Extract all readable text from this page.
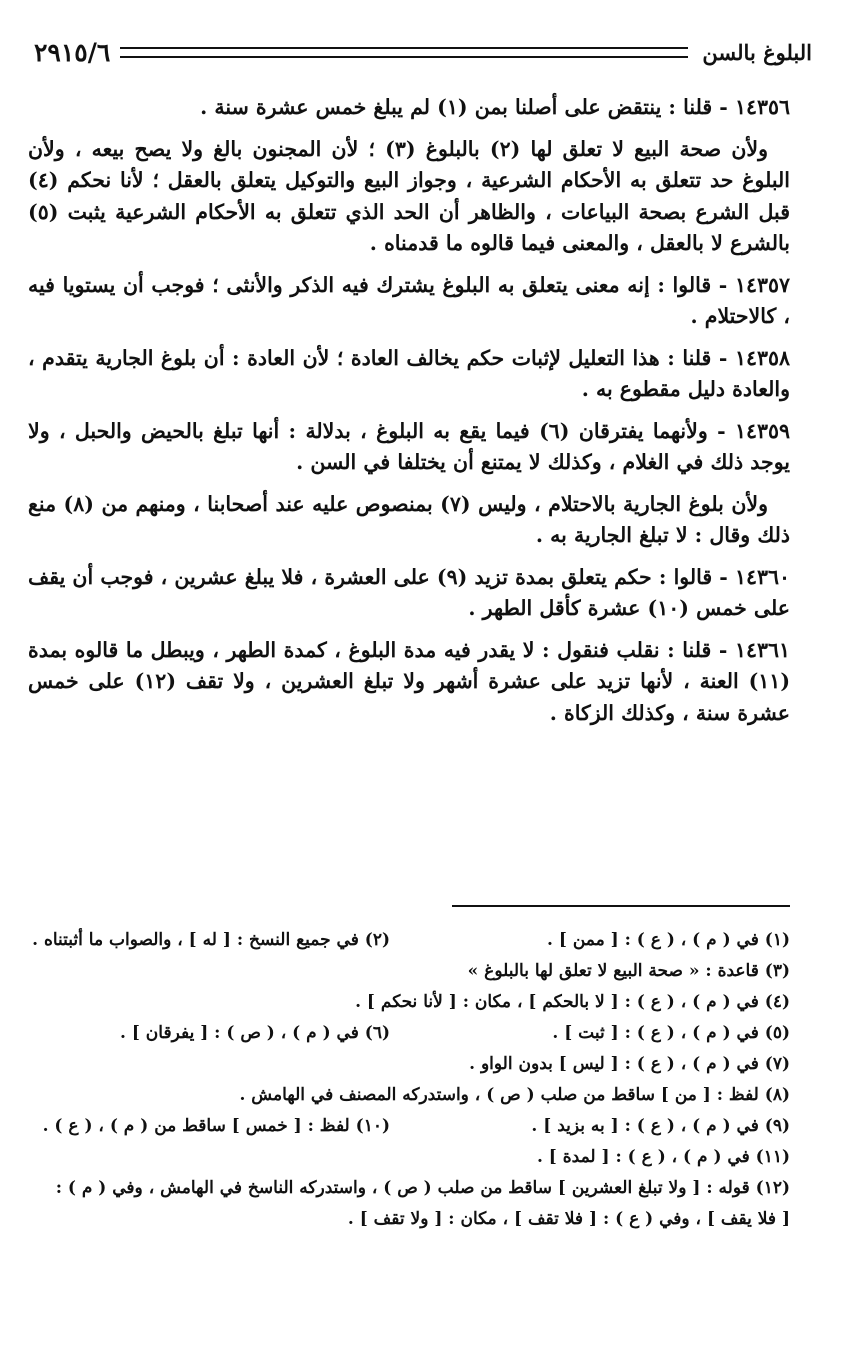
البلوغ بالسن
٢٩١٥/٦

١٤٣٥٦ - قلنا : ينتقض على أصلنا بمن (١) لم يبلغ خمس عشرة سنة .

ولأن صحة البيع لا تعلق لها (٢) بالبلوغ (٣) ؛ لأن المجنون بالغ ولا يصح بيعه ، ولأن البلوغ حد تتعلق به الأحكام الشرعية ، وجواز البيع والتوكيل يتعلق بالعقل ؛ لأنا نحكم (٤) قبل الشرع بصحة البياعات ، والظاهر أن الحد الذي تتعلق به الأحكام الشرعية يثبت (٥) بالشرع لا بالعقل ، والمعنى فيما قالوه ما قدمناه .

١٤٣٥٧ - قالوا : إنه معنى يتعلق به البلوغ يشترك فيه الذكر والأنثى ؛ فوجب أن يستويا فيه ، كالاحتلام .

١٤٣٥٨ - قلنا : هذا التعليل لإثبات حكم يخالف العادة ؛ لأن العادة : أن بلوغ الجارية يتقدم ، والعادة دليل مقطوع به .

١٤٣٥٩ - ولأنهما يفترقان (٦) فيما يقع به البلوغ ، بدلالة : أنها تبلغ بالحيض والحبل ، ولا يوجد ذلك في الغلام ، وكذلك لا يمتنع أن يختلفا في السن .

ولأن بلوغ الجارية بالاحتلام ، وليس (٧) بمنصوص عليه عند أصحابنا ، ومنهم من (٨) منع ذلك وقال : لا تبلغ الجارية به .

١٤٣٦٠ - قالوا : حكم يتعلق بمدة تزيد (٩) على العشرة ، فلا يبلغ عشرين ، فوجب أن يقف على خمس (١٠) عشرة كأقل الطهر .

١٤٣٦١ - قلنا : نقلب فنقول : لا يقدر فيه مدة البلوغ ، كمدة الطهر ، ويبطل ما قالوه بمدة (١١) العنة ، لأنها تزيد على عشرة أشهر ولا تبلغ العشرين ، ولا تقف (١٢) على خمس عشرة سنة ، وكذلك الزكاة .

(١) في ( م ) ، ( ع ) : [ ممن ] .
(٢) في جميع النسخ : [ له ] ، والصواب ما أثبتناه .
(٣) قاعدة : « صحة البيع لا تعلق لها بالبلوغ »
(٤) في ( م ) ، ( ع ) : [ لا بالحكم ] ، مكان : [ لأنا نحكم ] .
(٥) في ( م ) ، ( ع ) : [ ثبت ] .
(٦) في ( م ) ، ( ص ) : [ يفرقان ] .
(٧) في ( م ) ، ( ع ) : [ ليس ] بدون الواو .
(٨) لفظ : [ من ] ساقط من صلب ( ص ) ، واستدركه المصنف في الهامش .
(٩) في ( م ) ، ( ع ) : [ به بزيد ] .
(١٠) لفظ : [ خمس ] ساقط من ( م ) ، ( ع ) .
(١١) في ( م ) ، ( ع ) : [ لمدة ] .
(١٢) قوله : [ ولا تبلغ العشرين ] ساقط من صلب ( ص ) ، واستدركه الناسخ في الهامش ، وفي ( م ) :
[ فلا يقف ] ، وفي ( ع ) : [ فلا تقف ] ، مكان : [ ولا تقف ] .
